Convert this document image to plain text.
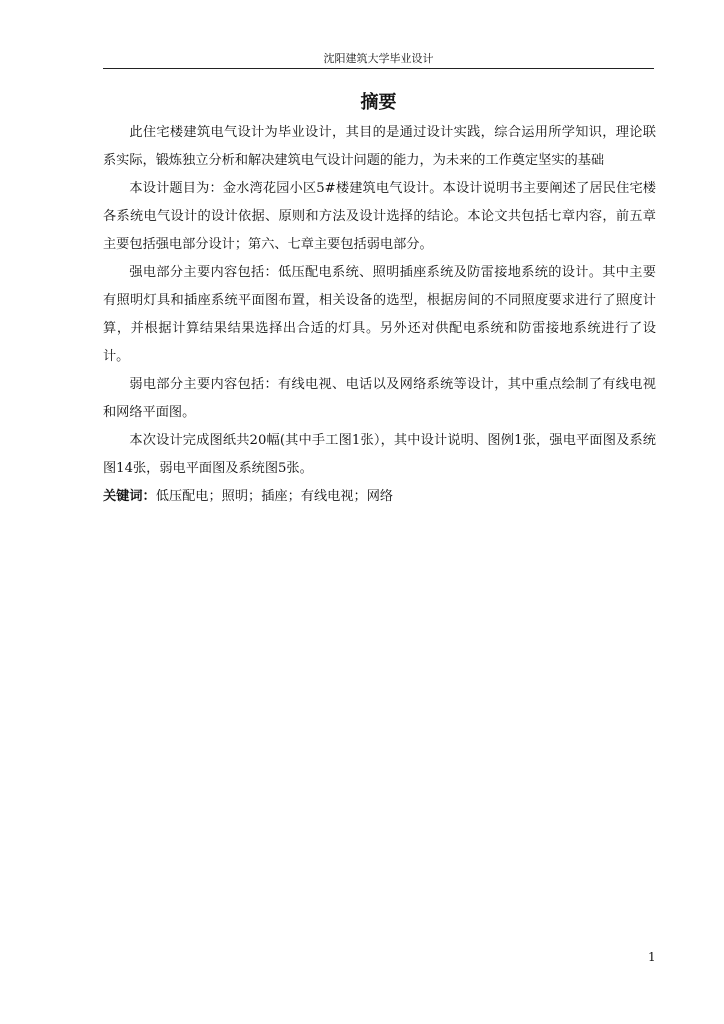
沈阳建筑大学毕业设计
摘要

此住宅楼建筑电气设计为毕业设计，其目的是通过设计实践，综合运用所学知识，理论联系实际，锻炼独立分析和解决建筑电气设计问题的能力，为未来的工作奠定坚实的基础

本设计题目为：金水湾花园小区5#楼建筑电气设计。本设计说明书主要阐述了居民住宅楼各系统电气设计的设计依据、原则和方法及设计选择的结论。本论文共包括七章内容，前五章主要包括强电部分设计；第六、七章主要包括弱电部分。

强电部分主要内容包括：低压配电系统、照明插座系统及防雷接地系统的设计。其中主要有照明灯具和插座系统平面图布置，相关设备的选型，根据房间的不同照度要求进行了照度计算，并根据计算结果结果选择出合适的灯具。另外还对供配电系统和防雷接地系统进行了设计。

弱电部分主要内容包括：有线电视、电话以及网络系统等设计，其中重点绘制了有线电视和网络平面图。

本次设计完成图纸共20幅(其中手工图1张），其中设计说明、图例1张，强电平面图及系统图14张，弱电平面图及系统图5张。

关键词：低压配电；照明；插座；有线电视；网络

1
